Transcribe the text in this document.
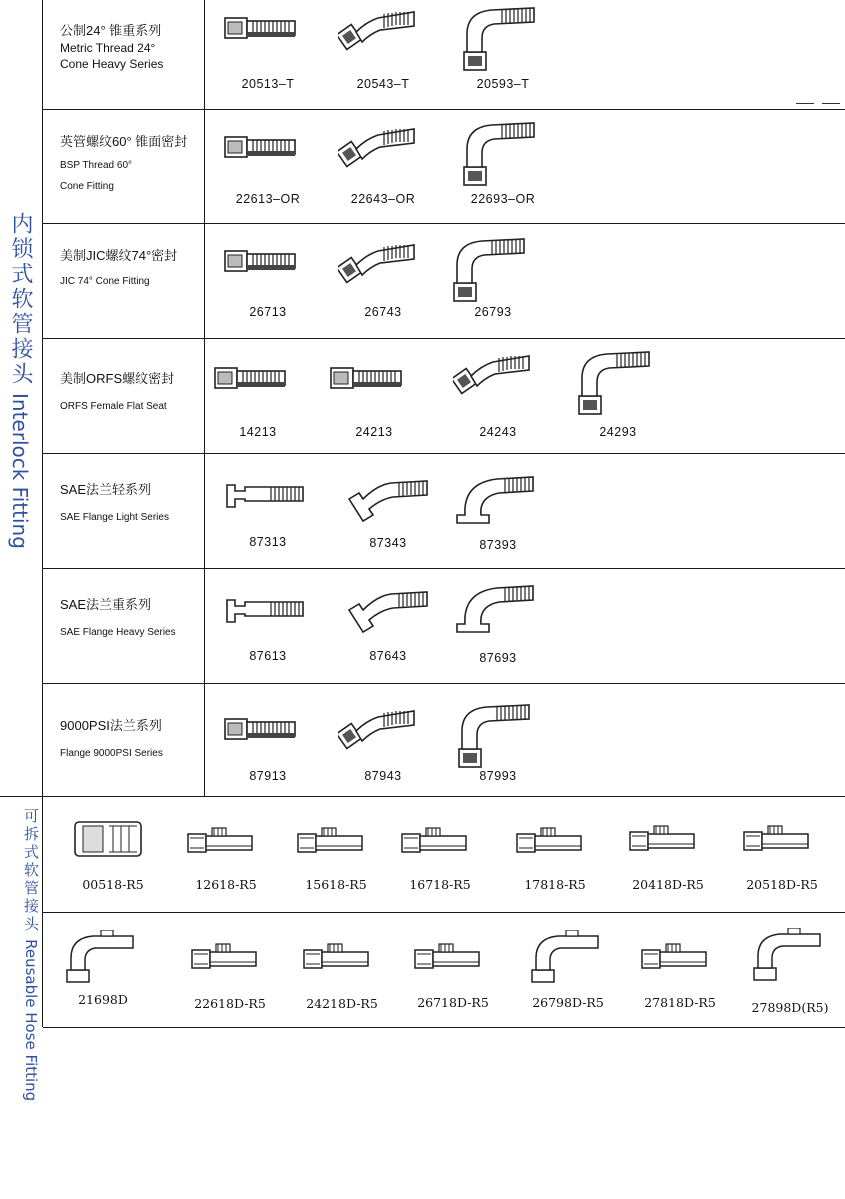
内锁式软管接头Interlock Fitting
可拆式软管接头 Reusable Hose Fitting
公制24° 锥重系列
Metric Thread 24°
Cone Heavy Series
20513–T	20543–T	20593–T
英管螺纹60° 锥面密封
BSP Thread 60°
Cone Fitting
22613–OR	22643–OR	22693–OR
美制JIC螺纹74°密封
JIC 74° Cone Fitting
26713	26743	26793
美制ORFS螺纹密封
ORFS Female Flat Seat
14213	24213	24243	24293
SAE法兰轻系列
SAE Flange Light Series
87313	87343	87393
SAE法兰重系列
SAE Flange Heavy Series
87613	87643	87693
9000PSI法兰系列
Flange 9000PSI Series
87913	87943	87993
00518-R5	12618-R5	15618-R5	16718-R5	17818-R5	20418D-R5	20518D-R5
21698D	22618D-R5	24218D-R5	26718D-R5	26798D-R5	27818D-R5	27898D(R5)
